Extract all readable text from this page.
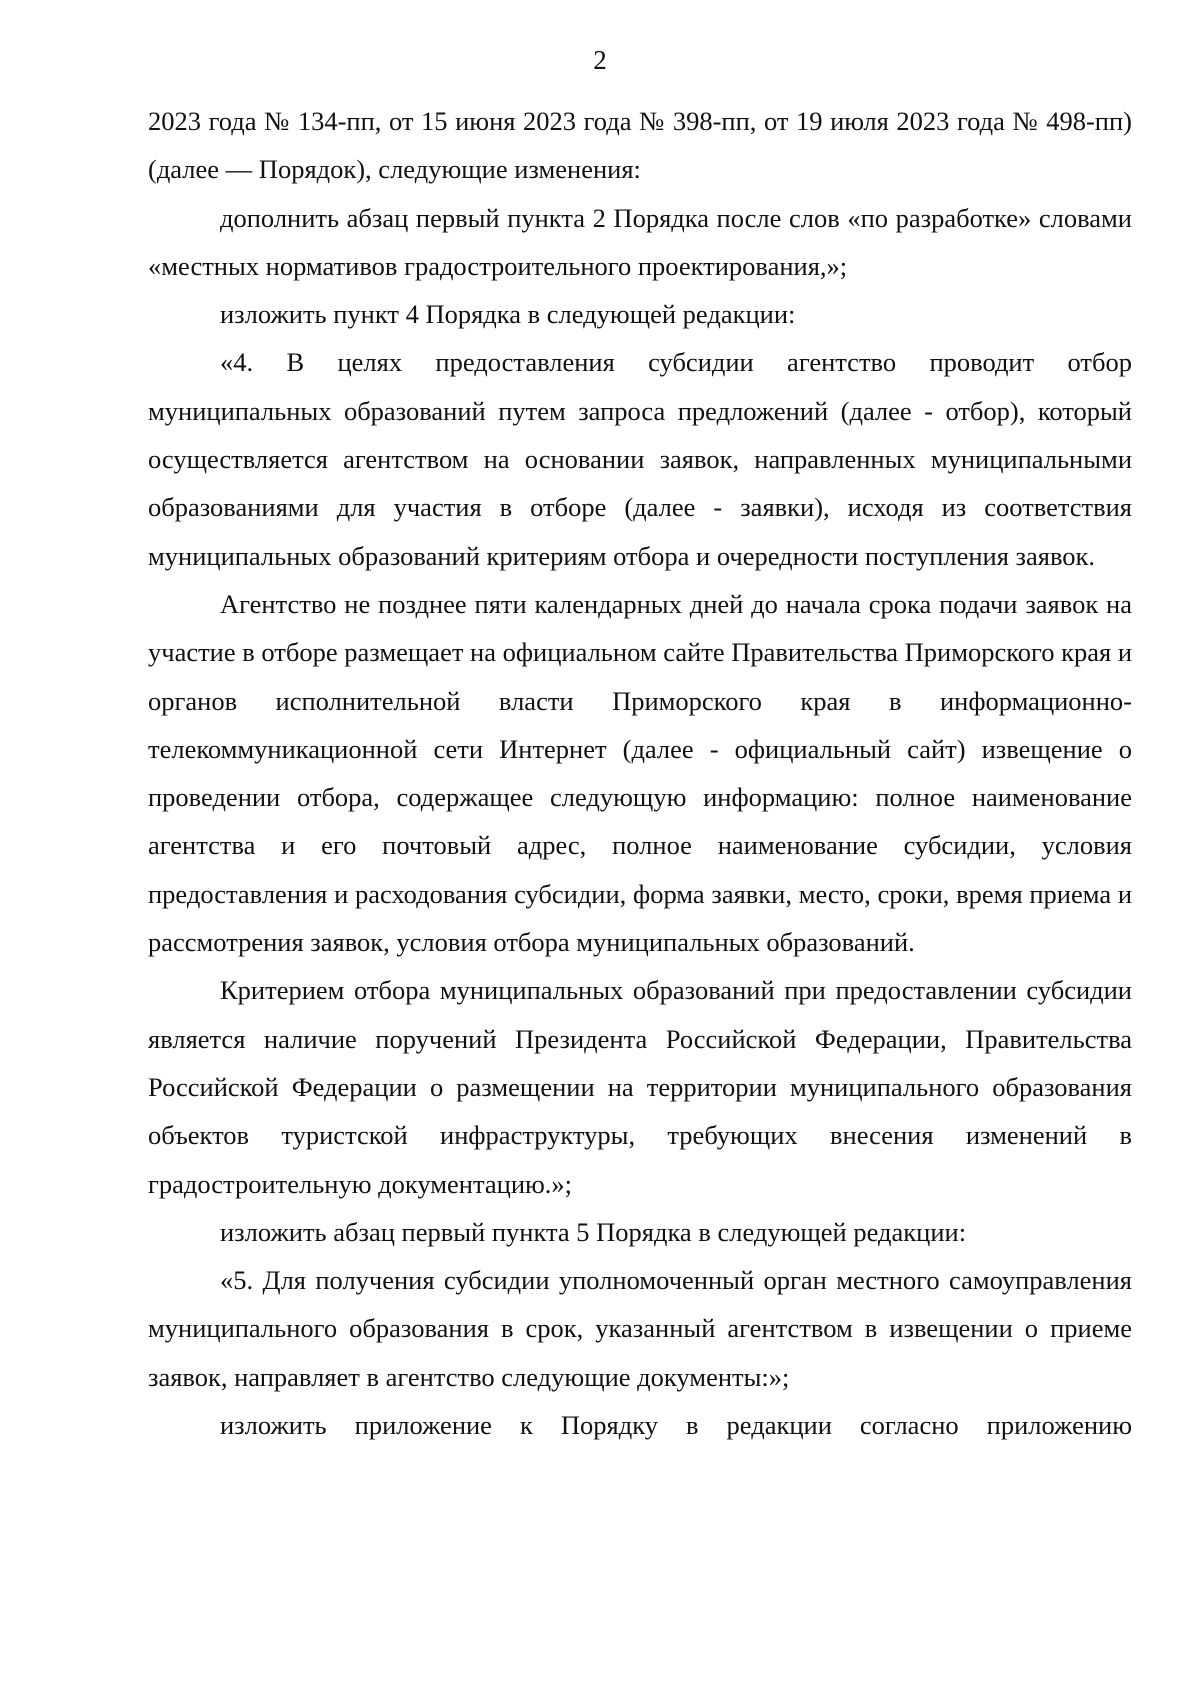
2

2023 года № 134-пп, от 15 июня 2023 года № 398-пп, от 19 июля 2023 года № 498-пп) (далее — Порядок), следующие изменения:

дополнить абзац первый пункта 2 Порядка после слов «по разработке» словами «местных нормативов градостроительного проектирования,»;

изложить пункт 4 Порядка в следующей редакции:

«4. В целях предоставления субсидии агентство проводит отбор муниципальных образований путем запроса предложений (далее - отбор), который осуществляется агентством на основании заявок, направленных муниципальными образованиями для участия в отборе (далее - заявки), исходя из соответствия муниципальных образований критериям отбора и очередности поступления заявок.

Агентство не позднее пяти календарных дней до начала срока подачи заявок на участие в отборе размещает на официальном сайте Правительства Приморского края и органов исполнительной власти Приморского края в информационно-телекоммуникационной сети Интернет (далее - официальный сайт) извещение о проведении отбора, содержащее следующую информацию: полное наименование агентства и его почтовый адрес, полное наименование субсидии, условия предоставления и расходования субсидии, форма заявки, место, сроки, время приема и рассмотрения заявок, условия отбора муниципальных образований.

Критерием отбора муниципальных образований при предоставлении субсидии является наличие поручений Президента Российской Федерации, Правительства Российской Федерации о размещении на территории муниципального образования объектов туристской инфраструктуры, требующих внесения изменений в градостроительную документацию.»;

изложить абзац первый пункта 5 Порядка в следующей редакции:

«5. Для получения субсидии уполномоченный орган местного самоуправления муниципального образования в срок, указанный агентством в извещении о приеме заявок, направляет в агентство следующие документы:»;

изложить приложение к Порядку в редакции согласно приложению
